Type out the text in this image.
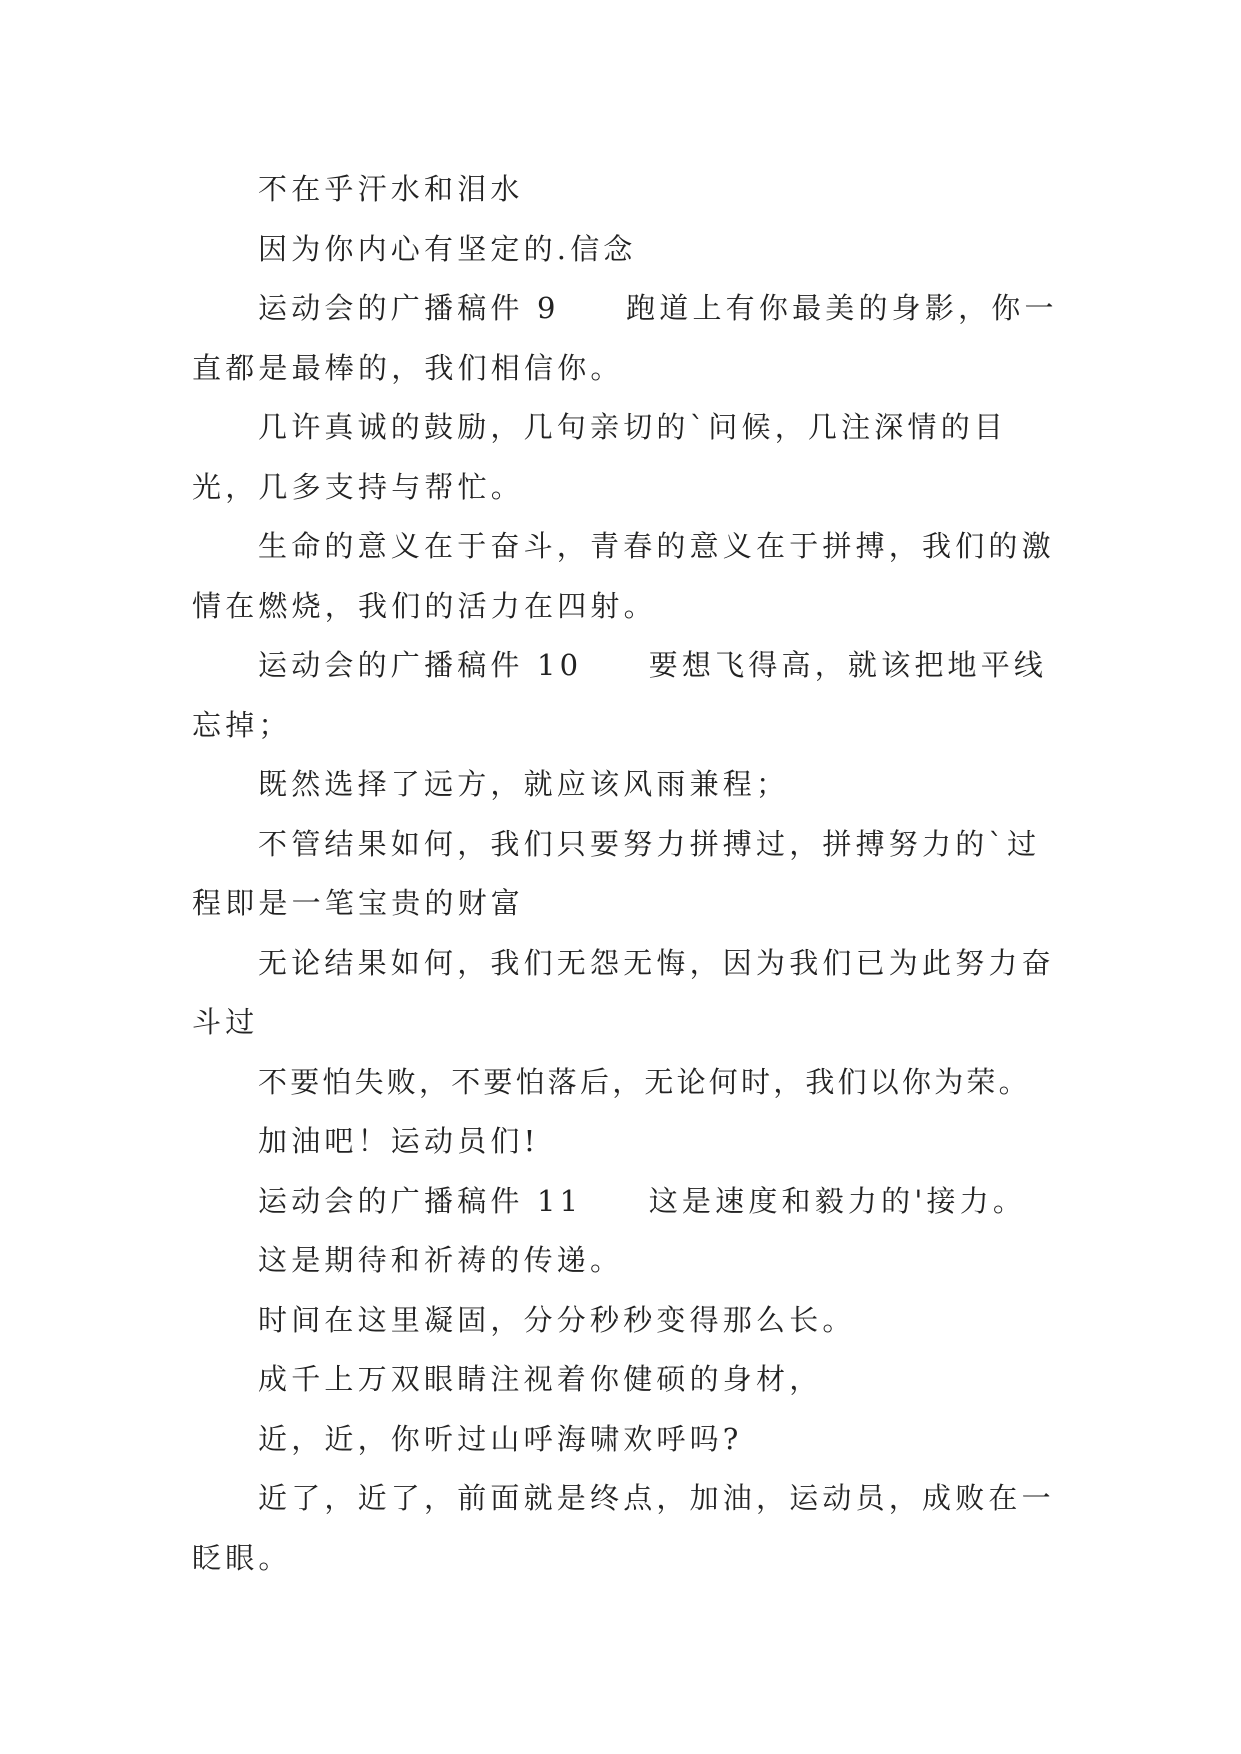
不在乎汗水和泪水

因为你内心有坚定的.信念

运动会的广播稿件 9　　跑道上有你最美的身影，你一直都是最棒的，我们相信你。

几许真诚的鼓励，几句亲切的`问候，几注深情的目光，几多支持与帮忙。

生命的意义在于奋斗，青春的意义在于拼搏，我们的激情在燃烧，我们的活力在四射。

运动会的广播稿件 10　　要想飞得高，就该把地平线忘掉；

既然选择了远方，就应该风雨兼程；

不管结果如何，我们只要努力拼搏过，拼搏努力的`过程即是一笔宝贵的财富

无论结果如何，我们无怨无悔，因为我们已为此努力奋斗过

不要怕失败，不要怕落后，无论何时，我们以你为荣。

加油吧！运动员们!

运动会的广播稿件 11　　这是速度和毅力的'接力。

这是期待和祈祷的传递。

时间在这里凝固，分分秒秒变得那么长。

成千上万双眼睛注视着你健硕的身材，

近，近，你听过山呼海啸欢呼吗?

近了，近了，前面就是终点，加油，运动员，成败在一眨眼。
